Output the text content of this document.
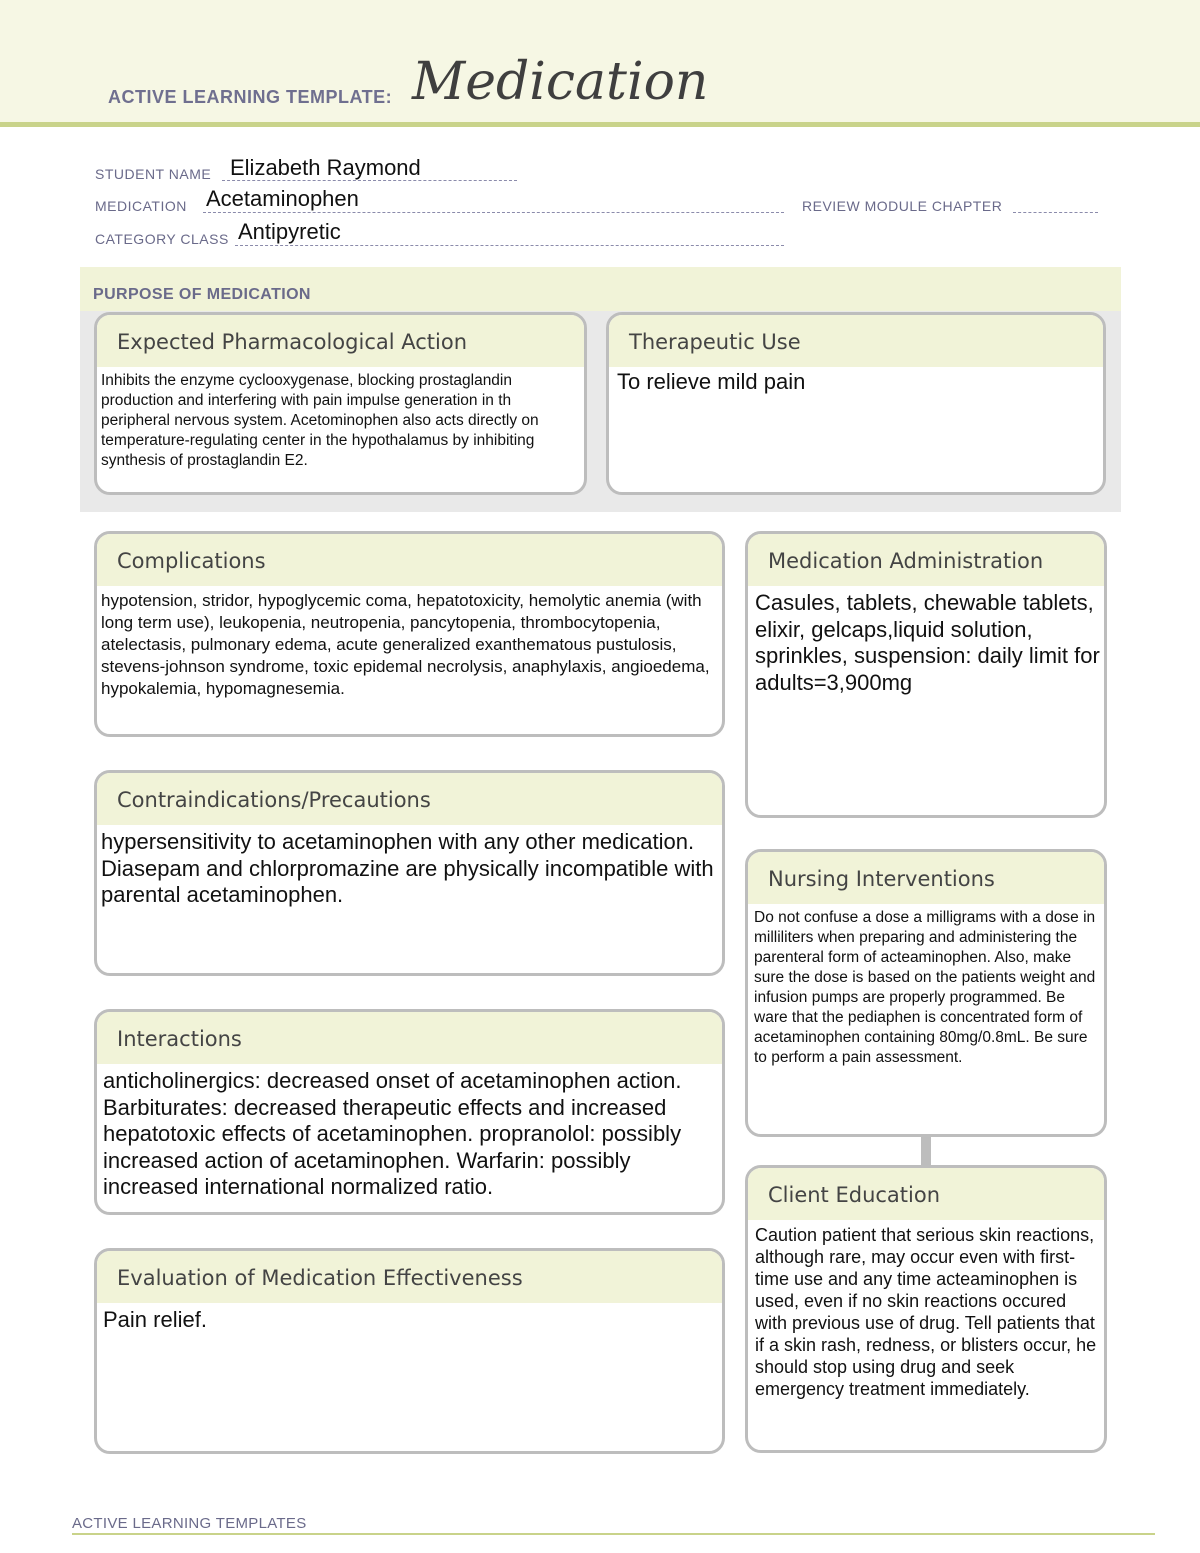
ACTIVE LEARNING TEMPLATE: Medication
STUDENT NAME Elizabeth Raymond
MEDICATION Acetaminophen	REVIEW MODULE CHAPTER
CATEGORY CLASS Antipyretic
PURPOSE OF MEDICATION
Expected Pharmacological Action
Inhibits the enzyme cyclooxygenase, blocking prostaglandin production and interfering with pain impulse generation in th peripheral nervous system. Acetominophen also acts directly on temperature-regulating center in the hypothalamus by inhibiting synthesis of prostaglandin E2.
Therapeutic Use
To relieve mild pain
Complications
hypotension, stridor, hypoglycemic coma, hepatotoxicity, hemolytic anemia (with long term use), leukopenia, neutropenia, pancytopenia, thrombocytopenia, atelectasis, pulmonary edema, acute generalized exanthematous pustulosis, stevens-johnson syndrome, toxic epidemal necrolysis, anaphylaxis, angioedema, hypokalemia, hypomagnesemia.
Medication Administration
Casules, tablets, chewable tablets, elixir, gelcaps,liquid solution, sprinkles, suspension: daily limit for adults=3,900mg
Contraindications/Precautions
hypersensitivity to acetaminophen with any other medication. Diasepam and chlorpromazine are physically incompatible with parental acetaminophen.
Nursing Interventions
Do not confuse a dose a milligrams with a dose in milliliters when preparing and administering the parenteral form of acteaminophen. Also, make sure the dose is based on the patients weight and infusion pumps are properly programmed. Be ware that the pediaphen is concentrated form of acetaminophen containing 80mg/0.8mL. Be sure to perform a pain assessment.
Interactions
anticholinergics: decreased onset of acetaminophen action. Barbiturates: decreased therapeutic effects and increased hepatotoxic effects of acetaminophen. propranolol: possibly increased action of acetaminophen. Warfarin: possibly increased international normalized ratio.	Client Education
Caution patient that serious skin reactions, although rare, may occur even with first-time use and any time acteaminophen is used, even if no skin reactions occured with previous use of drug. Tell patients that if a skin rash, redness, or blisters occur, he should stop using drug and seek emergency treatment immediately.
Evaluation of Medication Effectiveness
Pain relief.
ACTIVE LEARNING TEMPLATES
